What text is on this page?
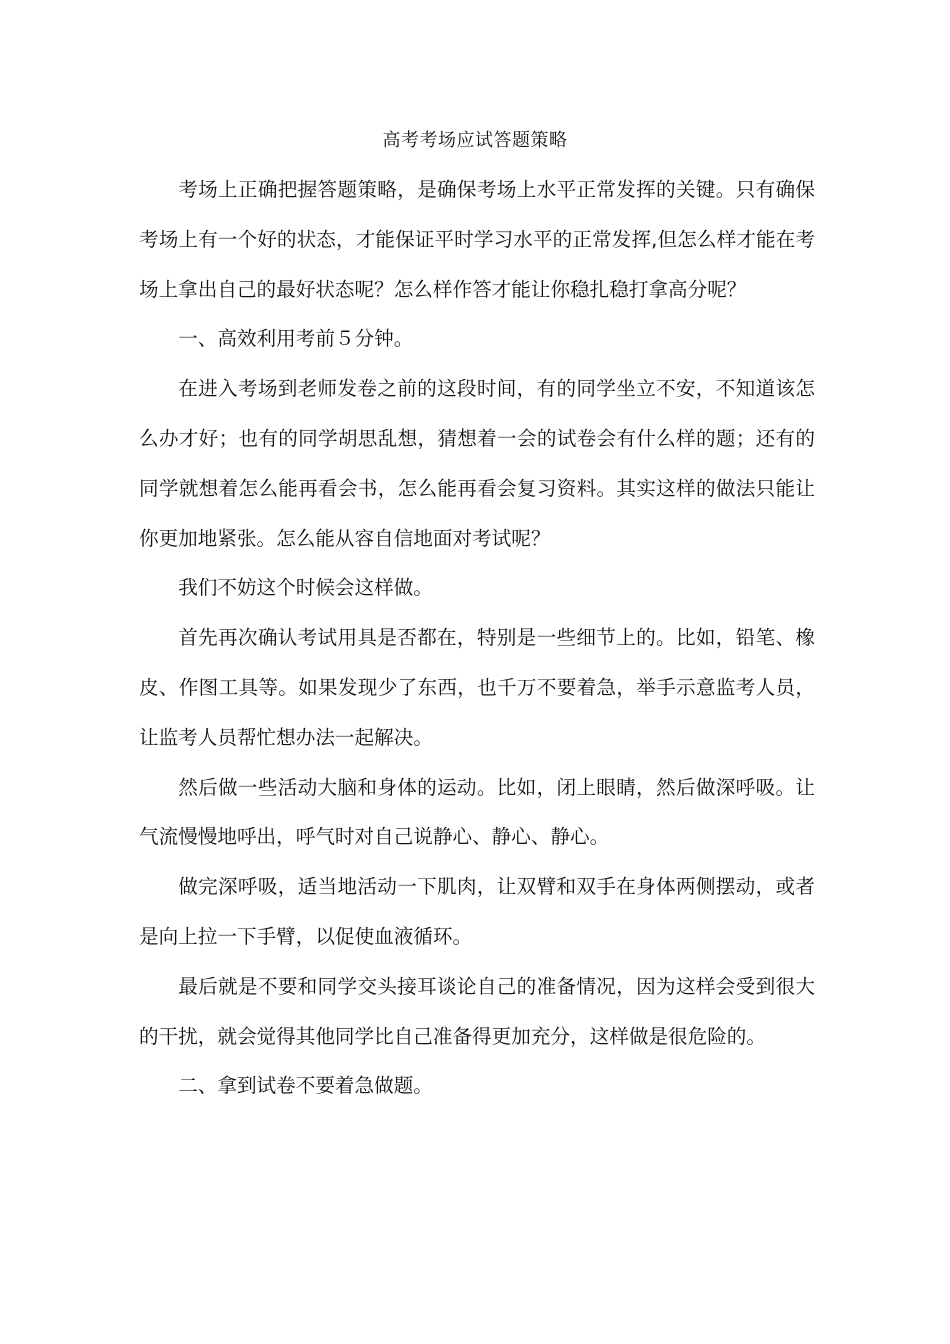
高考考场应试答题策略

考场上正确把握答题策略，是确保考场上水平正常发挥的关键。只有确保考场上有一个好的状态，才能保证平时学习水平的正常发挥,但怎么样才能在考场上拿出自己的最好状态呢？怎么样作答才能让你稳扎稳打拿高分呢？

一、高效利用考前５分钟。

在进入考场到老师发卷之前的这段时间，有的同学坐立不安，不知道该怎么办才好；也有的同学胡思乱想，猜想着一会的试卷会有什么样的题；还有的同学就想着怎么能再看会书，怎么能再看会复习资料。其实这样的做法只能让你更加地紧张。怎么能从容自信地面对考试呢？

我们不妨这个时候会这样做。

首先再次确认考试用具是否都在，特别是一些细节上的。比如，铅笔、橡皮、作图工具等。如果发现少了东西，也千万不要着急，举手示意监考人员，让监考人员帮忙想办法一起解决。

然后做一些活动大脑和身体的运动。比如，闭上眼睛，然后做深呼吸。让气流慢慢地呼出，呼气时对自己说静心、静心、静心。

做完深呼吸，适当地活动一下肌肉，让双臂和双手在身体两侧摆动，或者是向上拉一下手臂，以促使血液循环。

最后就是不要和同学交头接耳谈论自己的准备情况，因为这样会受到很大的干扰，就会觉得其他同学比自己准备得更加充分，这样做是很危险的。

二、拿到试卷不要着急做题。
